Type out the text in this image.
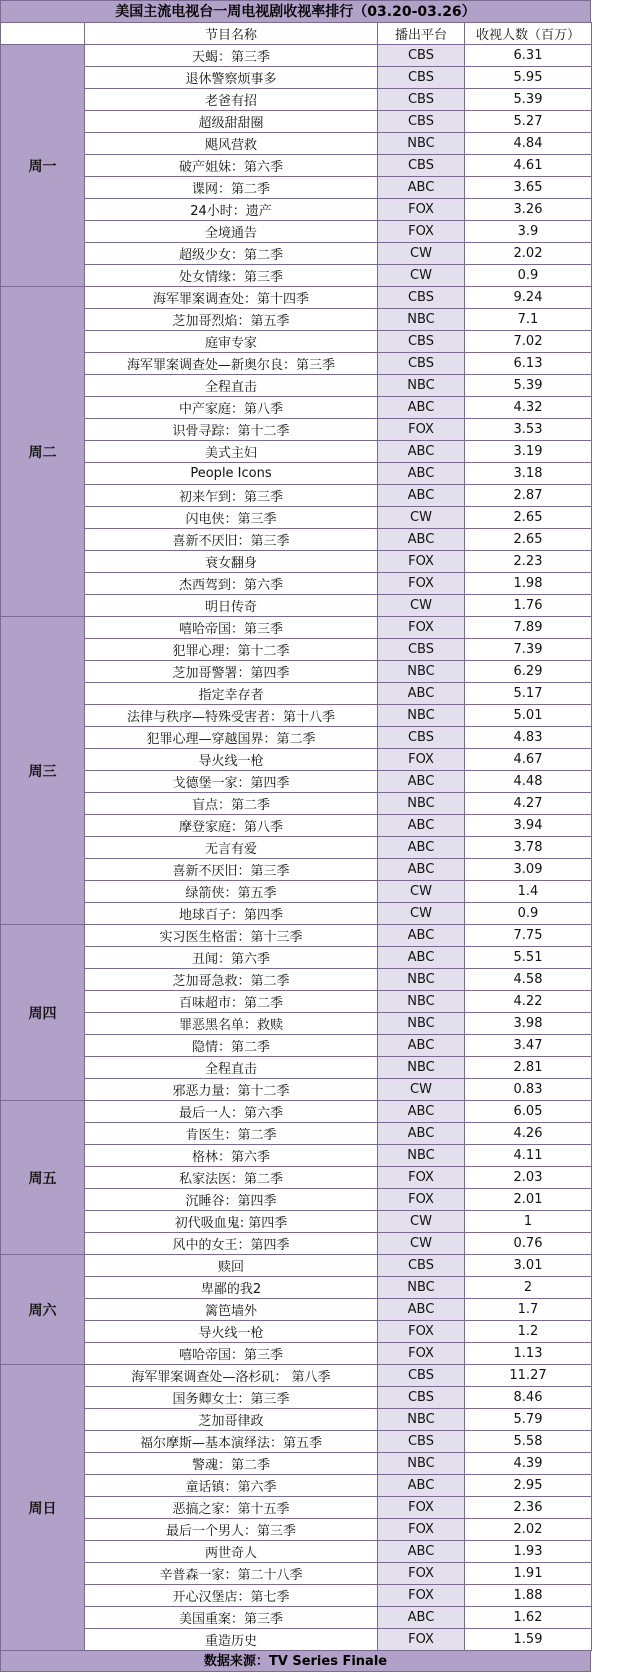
美国主流电视台一周电视剧收视率排行（03.20-03.26）
	节目名称	播出平台	收视人数（百万）
周一	天蝎：第三季	CBS	6.31
	退休警察烦事多	CBS	5.95
	老爸有招	CBS	5.39
	超级甜甜圈	CBS	5.27
	飓风营救	NBC	4.84
	破产姐妹：第六季	CBS	4.61
	谍网：第二季	ABC	3.65
	24小时：遗产	FOX	3.26
	全境通告	FOX	3.9
	超级少女：第二季	CW	2.02
	处女情缘：第三季	CW	0.9
周二	海军罪案调查处：第十四季	CBS	9.24
	芝加哥烈焰：第五季	NBC	7.1
	庭审专家	CBS	7.02
	海军罪案调查处—新奥尔良：第三季	CBS	6.13
	全程直击	NBC	5.39
	中产家庭：第八季	ABC	4.32
	识骨寻踪：第十二季	FOX	3.53
	美式主妇	ABC	3.19
	People Icons	ABC	3.18
	初来乍到：第三季	ABC	2.87
	闪电侠：第三季	CW	2.65
	喜新不厌旧：第三季	ABC	2.65
	衰女翻身	FOX	2.23
	杰西驾到：第六季	FOX	1.98
	明日传奇	CW	1.76
周三	嘻哈帝国：第三季	FOX	7.89
	犯罪心理：第十二季	CBS	7.39
	芝加哥警署：第四季	NBC	6.29
	指定幸存者	ABC	5.17
	法律与秩序—特殊受害者：第十八季	NBC	5.01
	犯罪心理—穿越国界：第二季	CBS	4.83
	导火线一枪	FOX	4.67
	戈德堡一家：第四季	ABC	4.48
	盲点：第二季	NBC	4.27
	摩登家庭：第八季	ABC	3.94
	无言有爱	ABC	3.78
	喜新不厌旧：第三季	ABC	3.09
	绿箭侠：第五季	CW	1.4
	地球百子：第四季	CW	0.9
周四	实习医生格雷：第十三季	ABC	7.75
	丑闻：第六季	ABC	5.51
	芝加哥急救：第二季	NBC	4.58
	百味超市：第二季	NBC	4.22
	罪恶黑名单：救赎	NBC	3.98
	隐情：第二季	ABC	3.47
	全程直击	NBC	2.81
	邪恶力量：第十二季	CW	0.83
周五	最后一人：第六季	ABC	6.05
	肯医生：第二季	ABC	4.26
	格林：第六季	NBC	4.11
	私家法医：第二季	FOX	2.03
	沉睡谷：第四季	FOX	2.01
	初代吸血鬼: 第四季	CW	1
	风中的女王：第四季	CW	0.76
周六	赎回	CBS	3.01
	卑鄙的我2	NBC	2
	篱笆墙外	ABC	1.7
	导火线一枪	FOX	1.2
	嘻哈帝国：第三季	FOX	1.13
周日	海军罪案调查处—洛杉矶： 第八季	CBS	11.27
	国务卿女士：第三季	CBS	8.46
	芝加哥律政	NBC	5.79
	福尔摩斯—基本演绎法：第五季	CBS	5.58
	警魂：第二季	NBC	4.39
	童话镇：第六季	ABC	2.95
	恶搞之家：第十五季	FOX	2.36
	最后一个男人：第三季	FOX	2.02
	两世奇人	ABC	1.93
	辛普森一家：第二十八季	FOX	1.91
	开心汉堡店：第七季	FOX	1.88
	美国重案：第三季	ABC	1.62
	重造历史	FOX	1.59
数据来源：TV Series Finale
